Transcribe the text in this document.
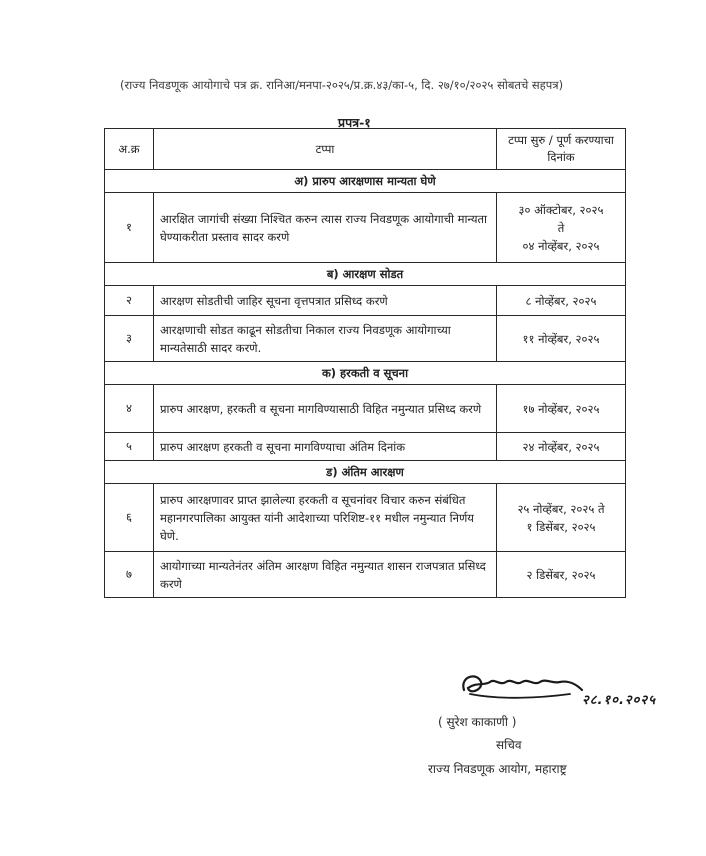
(राज्य निवडणूक आयोगाचे पत्र क्र. रानिआ/मनपा-२०२५/प्र.क्र.४३/का-५, दि. २७/१०/२०२५ सोबतचे सहपत्र)
प्रपत्र-१
अ.क्र	टप्पा	टप्पा सुरु / पूर्ण करण्याचा दिनांक
अ) प्रारुप आरक्षणास मान्यता घेणे		
१	आरक्षित जागांची संख्या निश्चित करुन त्यास राज्य निवडणूक आयोगाची मान्यता घेण्याकरीता प्रस्ताव सादर करणे	३० ऑक्टोबर, २०२५
ते
०४ नोव्हेंबर, २०२५

ब) आरक्षण सोडत		
२	आरक्षण सोडतीची जाहिर सूचना वृत्तपत्रात प्रसिध्द करणे	८ नोव्हेंबर, २०२५
३	आरक्षणाची सोडत काढून सोडतीचा निकाल राज्य निवडणूक आयोगाच्या मान्यतेसाठी सादर करणे.	११ नोव्हेंबर, २०२५
क) हरकती व सूचना		
४	प्रारुप आरक्षण, हरकती व सूचना मागविण्यासाठी विहित नमुन्यात प्रसिध्द करणे	१७ नोव्हेंबर, २०२५
५	प्रारुप आरक्षण हरकती व सूचना मागविण्याचा अंतिम दिनांक	२४ नोव्हेंबर, २०२५
ड) अंतिम आरक्षण		
६	प्रारुप आरक्षणावर प्राप्त झालेल्या हरकती व सूचनांवर विचार करुन संबंधित महानगरपालिका आयुक्त यांनी आदेशाच्या परिशिष्ट-११ मधील नमुन्यात निर्णय घेणे.	२५ नोव्हेंबर, २०२५ ते
१ डिसेंबर, २०२५

७	आयोगाच्या मान्यतेनंतर अंतिम आरक्षण विहित नमुन्यात शासन राजपत्रात प्रसिध्द करणे	२ डिसेंबर, २०२५
२८.१०.२०२५
( सुरेश काकाणी )
सचिव
राज्य निवडणूक आयोग, महाराष्ट्र
